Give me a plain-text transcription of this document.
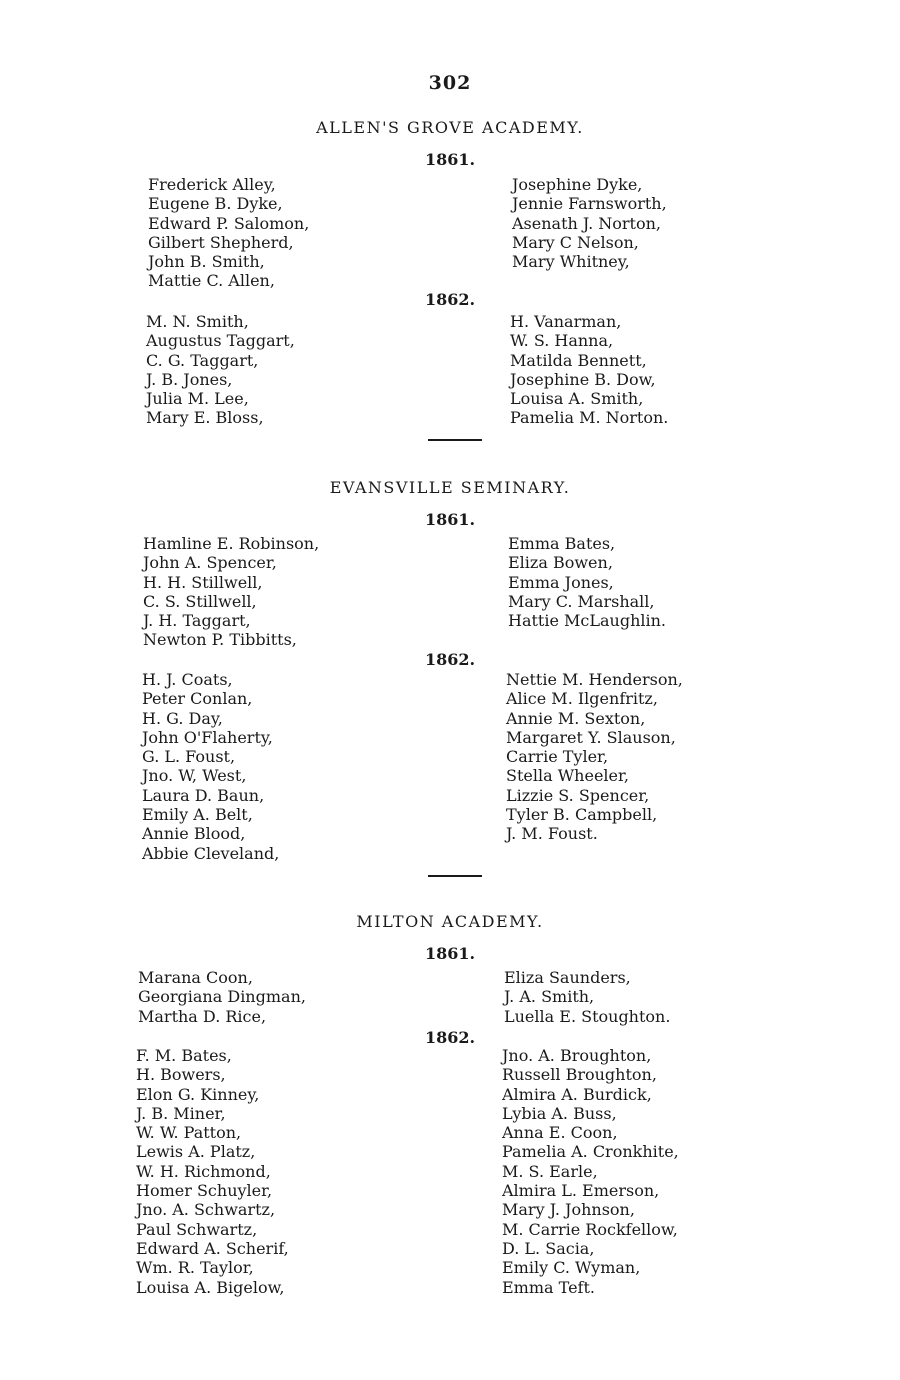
302
ALLEN'S GROVE ACADEMY.
1861.
Frederick Alley,
Eugene B. Dyke,
Edward P. Salomon,
Gilbert Shepherd,
John B. Smith,
Mattie C. Allen,
Josephine Dyke,
Jennie Farnsworth,
Asenath J. Norton,
Mary C Nelson,
Mary Whitney,
1862.
M. N. Smith,
Augustus Taggart,
C. G. Taggart,
J. B. Jones,
Julia M. Lee,
Mary E. Bloss,
H. Vanarman,
W. S. Hanna,
Matilda Bennett,
Josephine B. Dow,
Louisa A. Smith,
Pamelia M. Norton.
EVANSVILLE SEMINARY.
1861.
Hamline E. Robinson,
John A. Spencer,
H. H. Stillwell,
C. S. Stillwell,
J. H. Taggart,
Newton P. Tibbitts,
Emma Bates,
Eliza Bowen,
Emma Jones,
Mary C. Marshall,
Hattie McLaughlin.
1862.
H. J. Coats,
Peter Conlan,
H. G. Day,
John O'Flaherty,
G. L. Foust,
Jno. W, West,
Laura D. Baun,
Emily A. Belt,
Annie Blood,
Abbie Cleveland,
Nettie M. Henderson,
Alice M. Ilgenfritz,
Annie M. Sexton,
Margaret Y. Slauson,
Carrie Tyler,
Stella Wheeler,
Lizzie S. Spencer,
Tyler B. Campbell,
J. M. Foust.
MILTON ACADEMY.
1861.
Marana Coon,
Georgiana Dingman,
Martha D. Rice,
Eliza Saunders,
J. A. Smith,
Luella E. Stoughton.
1862.
F. M. Bates,
H. Bowers,
Elon G. Kinney,
J. B. Miner,
W. W. Patton,
Lewis A. Platz,
W. H. Richmond,
Homer Schuyler,
Jno. A. Schwartz,
Paul Schwartz,
Edward A. Scherif,
Wm. R. Taylor,
Louisa A. Bigelow,
Jno. A. Broughton,
Russell Broughton,
Almira A. Burdick,
Lybia A. Buss,
Anna E. Coon,
Pamelia A. Cronkhite,
M. S. Earle,
Almira L. Emerson,
Mary J. Johnson,
M. Carrie Rockfellow,
D. L. Sacia,
Emily C. Wyman,
Emma Teft.
